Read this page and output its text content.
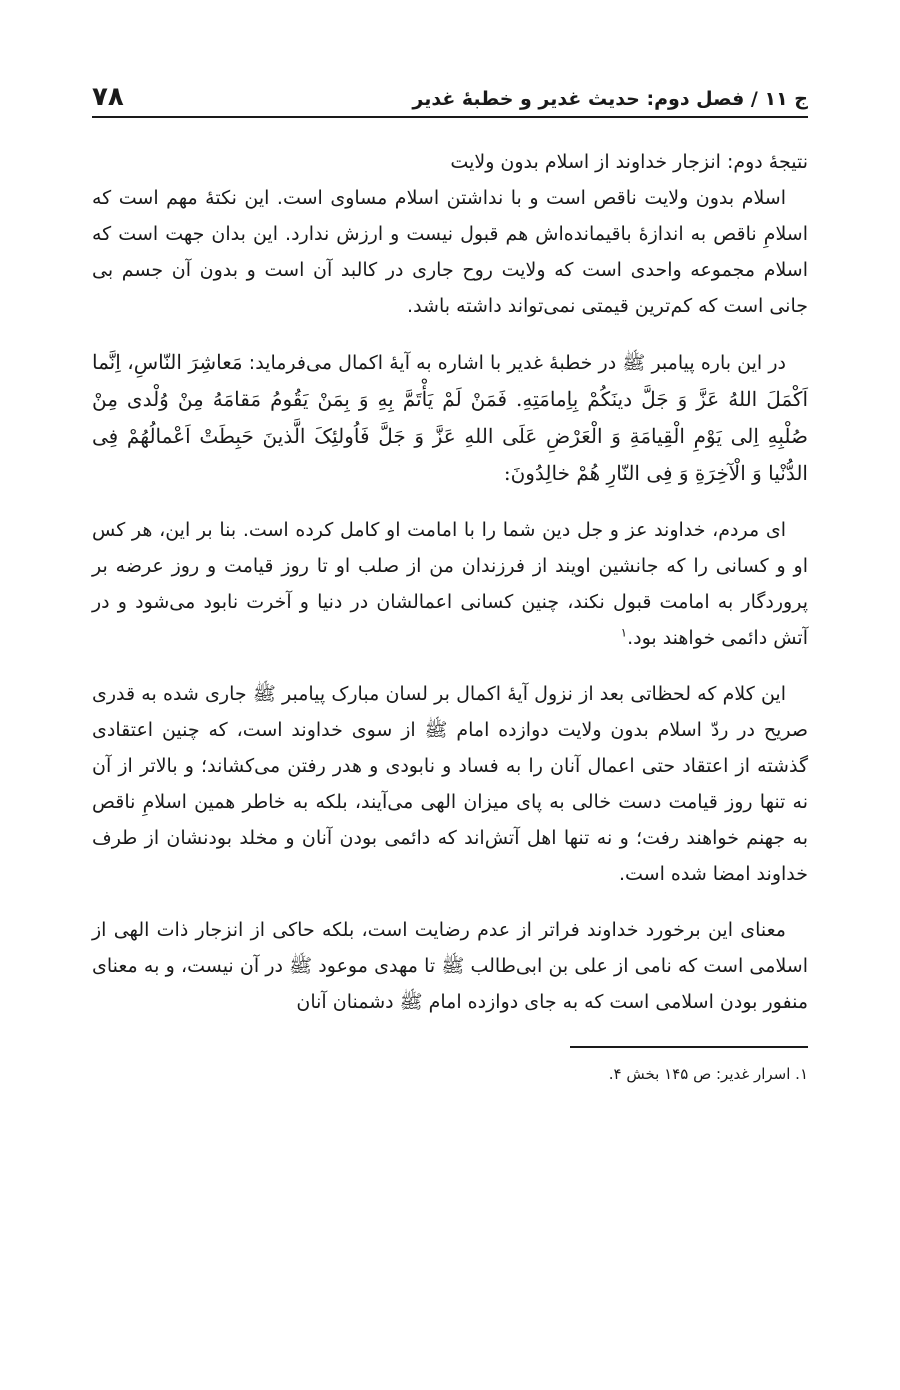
ج ۱۱ / فصل دوم: حدیث غدیر و خطبهٔ غدیر
۷۸

نتیجهٔ دوم: انزجار خداوند از اسلام بدون ولایت

اسلام بدون ولایت ناقص است و با نداشتن اسلام مساوی است. این نکتهٔ مهم است که اسلامِ ناقص به اندازهٔ باقیمانده‌اش هم قبول نیست و ارزش ندارد. این بدان جهت است که اسلام مجموعه واحدی است که ولایت روح جاری در کالبد آن است و بدون آن جسم بی جانی است که کم‌ترین قیمتی نمی‌تواند داشته باشد.

در این باره پیامبر ﷺ در خطبهٔ غدیر با اشاره به آیهٔ اکمال می‌فرماید: مَعاشِرَ النّاسِ، اِنَّما اَکْمَلَ اللهُ عَزَّ وَ جَلَّ دینَکُمْ بِاِمامَتِهِ. فَمَنْ لَمْ یَأْتَمَّ بِهِ وَ بِمَنْ یَقُومُ مَقامَهُ مِنْ وُلْدی مِنْ صُلْبِهِ اِلی یَوْمِ الْقِیامَةِ وَ الْعَرْضِ عَلَی اللهِ عَزَّ وَ جَلَّ فَاُولئِکَ الَّذینَ حَبِطَتْ اَعْمالُهُمْ فِی الدُّنْیا وَ الْآخِرَةِ وَ فِی النّارِ هُمْ خالِدُونَ:

ای مردم، خداوند عز و جل دین شما را با امامت او کامل کرده است. بنا بر این، هر کس او و کسانی را که جانشین او‌یند از فرزندان من از صلب او تا روز قیامت و روز عرضه بر پروردگار به امامت قبول نکند، چنین کسانی اعمالشان در دنیا و آخرت نابود می‌شود و در آتش دائمی خواهند بود.$^۱$

این کلام که لحظاتی بعد از نزول آیهٔ اکمال بر لسان مبارک پیامبر ﷺ جاری شده به قدری صریح در ردّ اسلام بدون ولایت دوازده امام ﷺ از سوی خداوند است، که چنین اعتقادی گذشته از اعتقاد حتی اعمال آنان را به فساد و نابودی و هدر رفتن می‌کشاند؛ و بالاتر از آن نه تنها روز قیامت دست خالی به پای میزان الهی می‌آیند، بلکه به خاطر همین اسلامِ ناقص به جهنم خواهند رفت؛ و نه تنها اهل آتش‌اند که دائمی بودن آنان و مخلد بودنشان از طرف خداوند امضا شده است.

معنای این برخورد خداوند فراتر از عدم رضایت است، بلکه حاکی از انزجار ذات الهی از اسلامی است که نامی از علی بن ابی‌طالب ﷺ تا مهدی موعود ﷺ در آن نیست، و به معنای منفور بودن اسلامی است که به جای دوازده امام ﷺ دشمنان آنان

۱. اسرار غدیر: ص ۱۴۵ بخش ۴.
